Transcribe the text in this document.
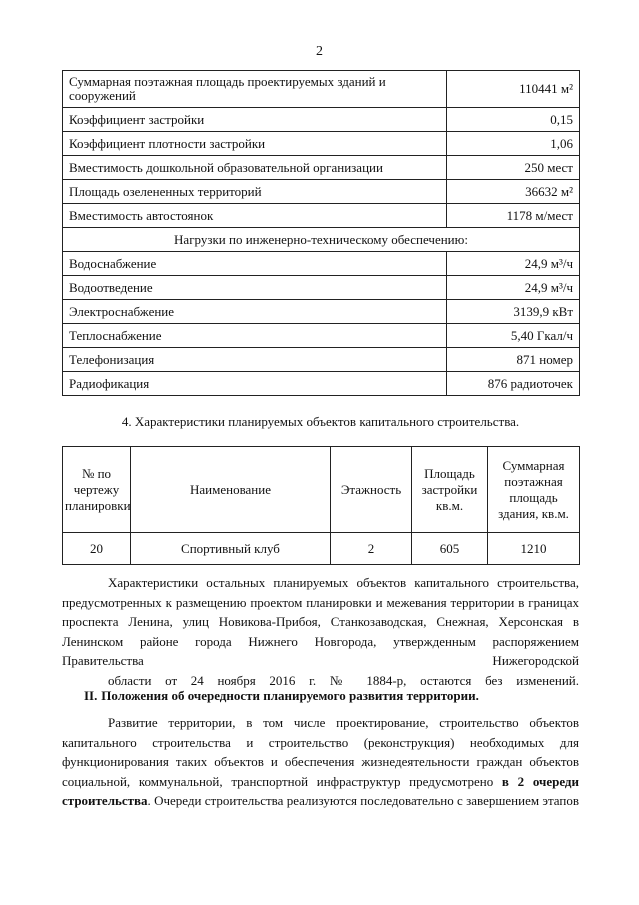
2
Суммарная поэтажная площадь проектируемых зданий и сооружений	110441 м²
Коэффициент застройки	0,15
Коэффициент плотности застройки	1,06
Вместимость дошкольной образовательной организации	250 мест
Площадь озелененных территорий	36632 м²
Вместимость автостоянок	1178 м/мест
Нагрузки по инженерно-техническому обеспечению:	
Водоснабжение	24,9 м³/ч
Водоотведение	24,9 м³/ч
Электроснабжение	3139,9 кВт
Теплоснабжение	5,40 Гкал/ч
Телефонизация	871 номер
Радиофикация	876 радиоточек
4. Характеристики планируемых объектов капитального строительства.
№ по чертежу планировки	Наименование	Этажность	Площадь застройки кв.м.	Суммарная поэтажная площадь здания, кв.м.
20	Спортивный клуб	2	605	1210
Характеристики остальных планируемых объектов капитального строительства, предусмотренных к размещению проектом планировки и межевания территории в границах проспекта Ленина, улиц Новикова-Прибоя, Станкозаводская, Снежная, Херсонская в Ленинском районе города Нижнего Новгорода, утвержденным распоряжением Правительства Нижегородской
области от 24 ноября 2016 г. № 1884-р, остаются без изменений.
II. Положения об очередности планируемого развития территории.
Развитие территории, в том числе проектирование, строительство объектов капитального строительства и строительство (реконструкция) необходимых для функционирования таких объектов и обеспечения жизнедеятельности граждан объектов социальной, коммунальной, транспортной инфраструктур предусмотрено в 2 очереди строительства. Очереди строительства реализуются последовательно с завершением этапов
